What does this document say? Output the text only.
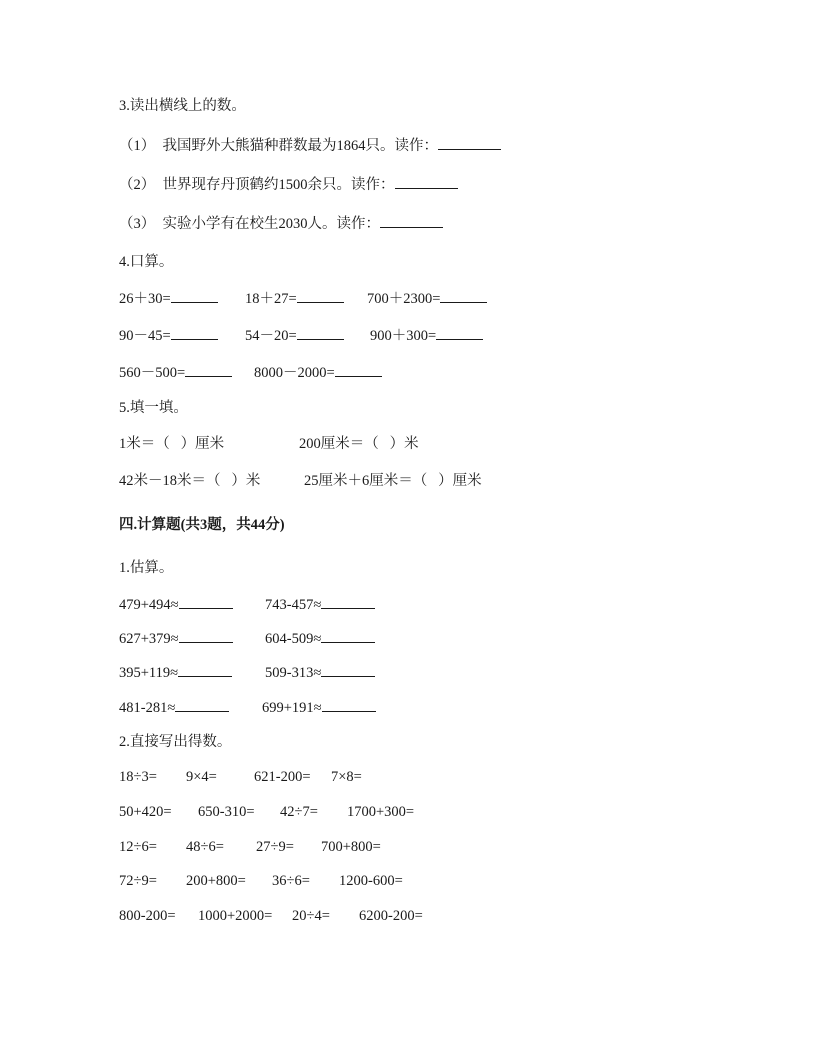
3.读出横线上的数。
（1）  我国野外大熊猫种群数最为1864只。读作：
（2）  世界现存丹顶鹤约1500余只。读作：
（3）  实验小学有在校生2030人。读作：
4.口算。
26＋30=	18＋27=	700＋2300=
90－45=	54－20=	900＋300=
560－500=	8000－2000=
5.填一填。
1米＝（   ）厘米	200厘米＝（   ）米
42米－18米＝（   ）米	25厘米＋6厘米＝（   ）厘米
四.计算题(共3题，共44分)
1.估算。
479+494≈	743-457≈
627+379≈	604-509≈
395+119≈	509-313≈
481-281≈	699+191≈
2.直接写出得数。
18÷3= 9×4=	621-200= 7×8=
50+420= 650-310= 42÷7= 1700+300=
12÷6= 48÷6= 27÷9= 700+800=
72÷9= 200+800= 36÷6= 1200-600=
800-200= 1000+2000= 20÷4= 6200-200=
